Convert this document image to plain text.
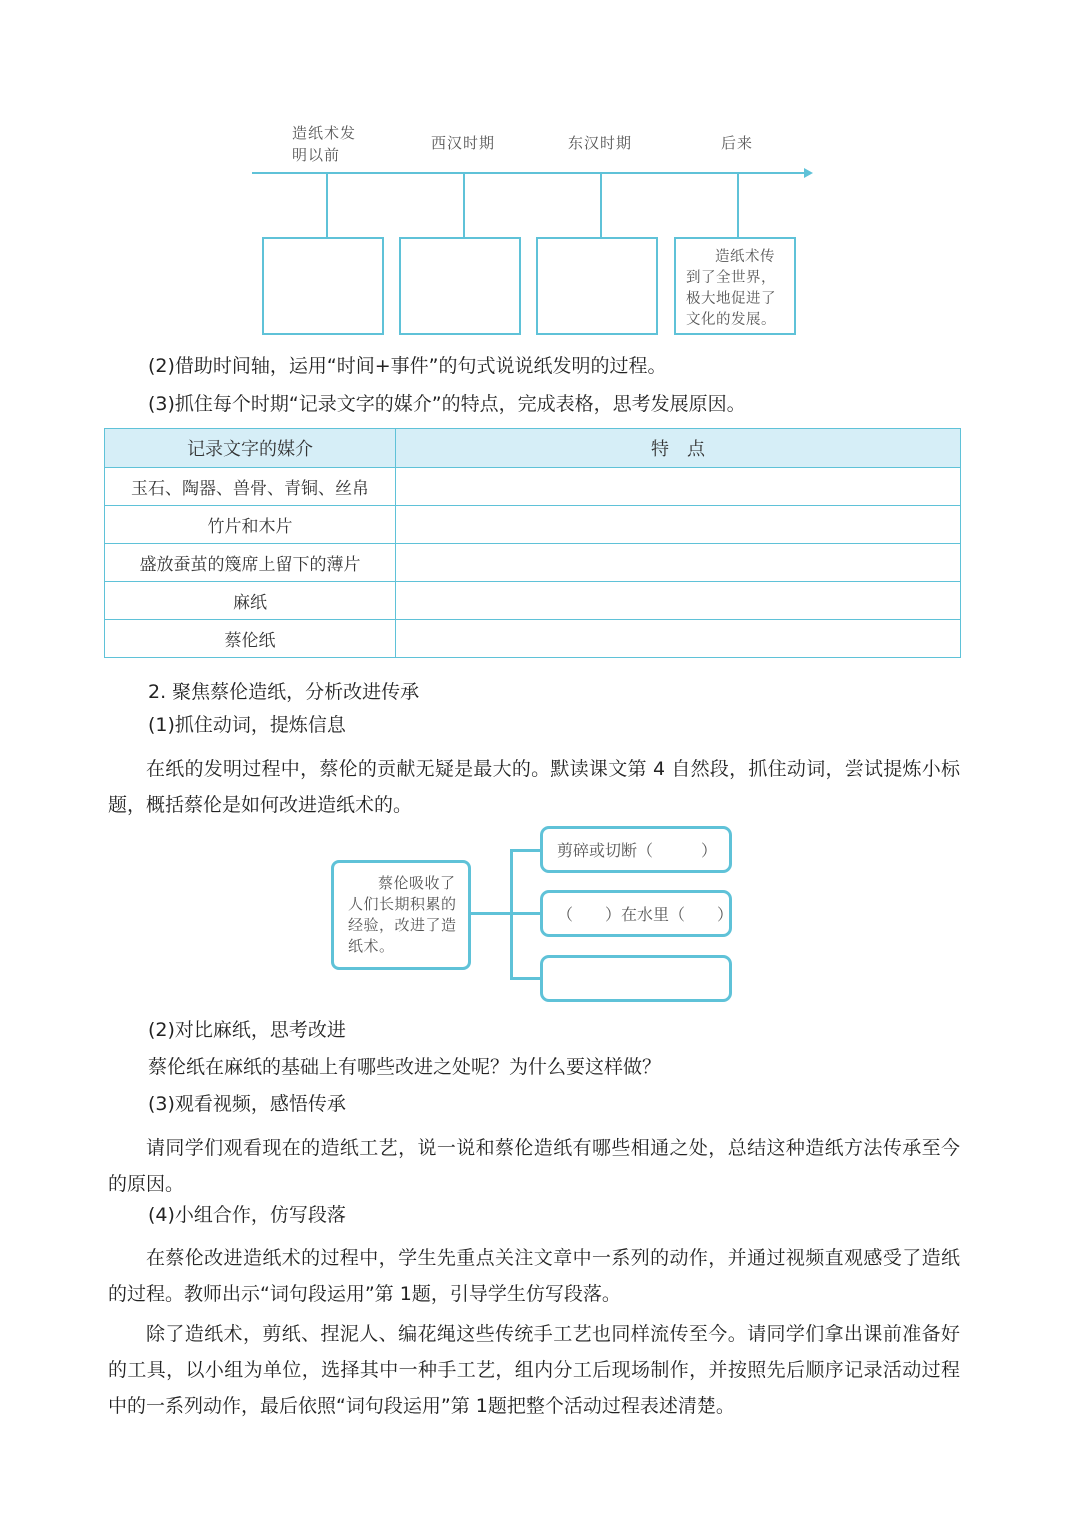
造纸术发
明以前
西汉时期	东汉时期	后来
造纸术传到了全世界，极大地促进了文化的发展。
(2)借助时间轴，运用“时间+事件”的句式说说纸发明的过程。
(3)抓住每个时期“记录文字的媒介”的特点，完成表格，思考发展原因。
记录文字的媒介	特　点
玉石、陶器、兽骨、青铜、丝帛	
竹片和木片	
盛放蚕茧的篾席上留下的薄片	
麻纸	
蔡伦纸	
2. 聚焦蔡伦造纸，分析改进传承
(1)抓住动词，提炼信息
在纸的发明过程中，蔡伦的贡献无疑是最大的。默读课文第 4 自然段，抓住动词，尝试提炼小标题，概括蔡伦是如何改进造纸术的。
蔡伦吸收了人们长期积累的经验，改进了造纸术。
剪碎或切断（　　　）
（　　）在水里（　　）
(2)对比麻纸，思考改进
蔡伦纸在麻纸的基础上有哪些改进之处呢？为什么要这样做？
(3)观看视频，感悟传承
请同学们观看现在的造纸工艺，说一说和蔡伦造纸有哪些相通之处，总结这种造纸方法传承至今的原因。
(4)小组合作，仿写段落
在蔡伦改进造纸术的过程中，学生先重点关注文章中一系列的动作，并通过视频直观感受了造纸的过程。教师出示“词句段运用”第 1题，引导学生仿写段落。
除了造纸术，剪纸、捏泥人、编花绳这些传统手工艺也同样流传至今。请同学们拿出课前准备好的工具，以小组为单位，选择其中一种手工艺，组内分工后现场制作，并按照先后顺序记录活动过程中的一系列动作，最后依照“词句段运用”第 1题把整个活动过程表述清楚。
